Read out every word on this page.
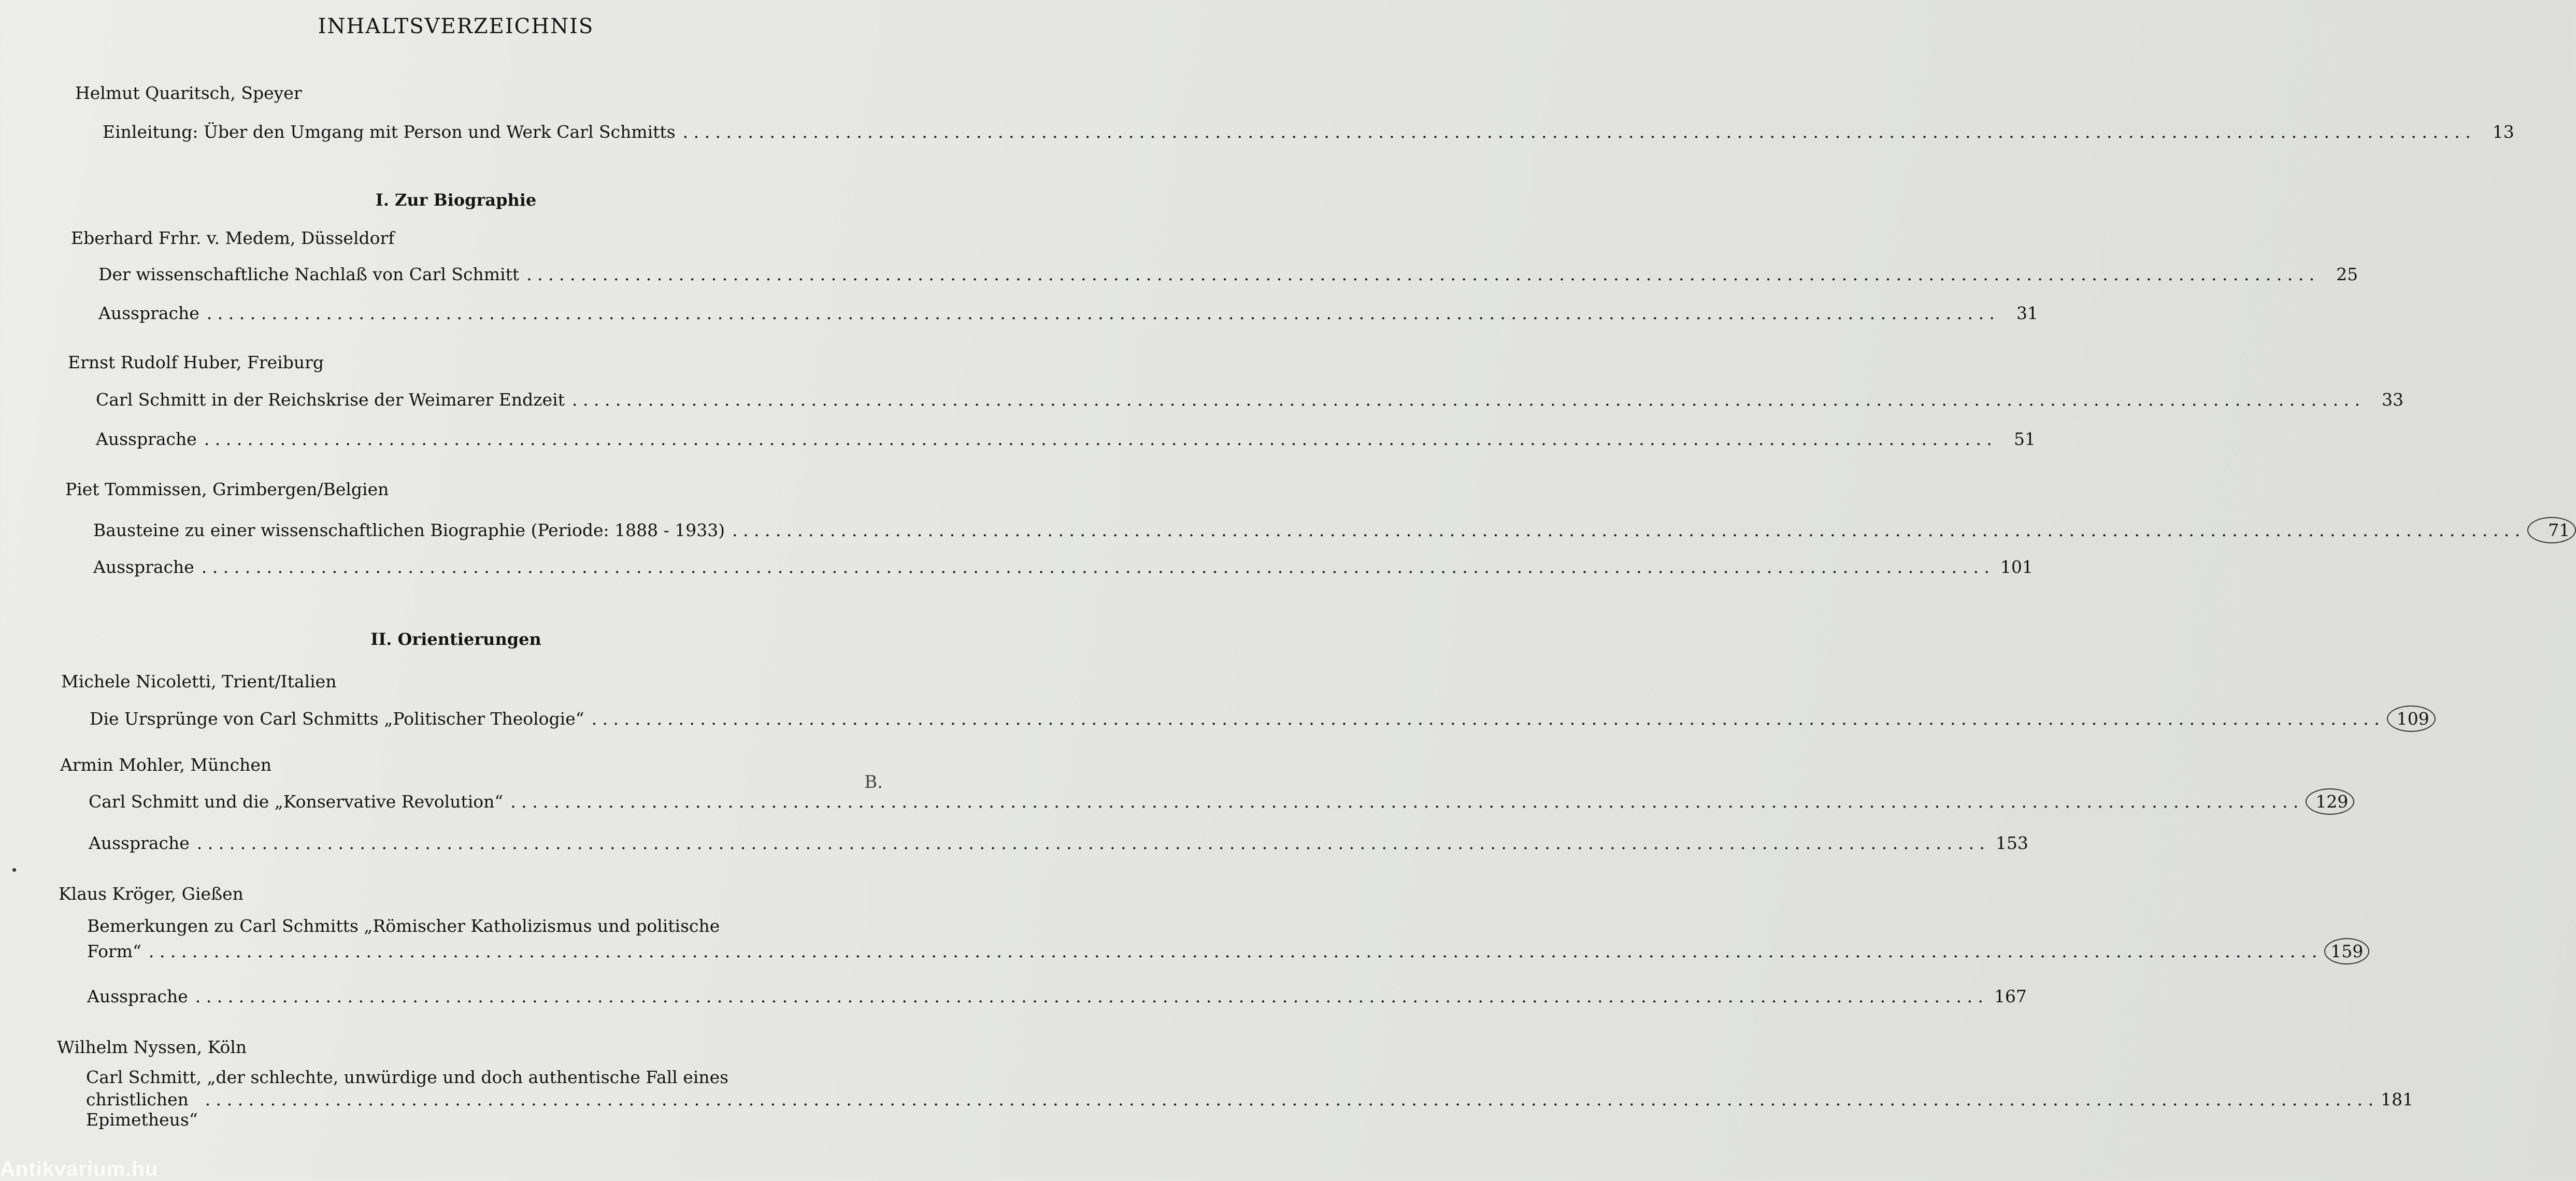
INHALTSVERZEICHNIS
Helmut Quaritsch, Speyer
Einleitung: Über den Umgang mit Person und Werk Carl Schmitts . . .	13
I. Zur Biographie
Eberhard Frhr. v. Medem, Düsseldorf
Der wissenschaftliche Nachlaß von Carl Schmitt . . .	25
Aussprache . . .	31
Ernst Rudolf Huber, Freiburg
Carl Schmitt in der Reichskrise der Weimarer Endzeit . . .	33
Aussprache . . .	51
Piet Tommissen, Grimbergen/Belgien
Bausteine zu einer wissenschaftlichen Biographie (Periode: 1888 - 1933) . . .	71
Aussprache . . .	101
II. Orientierungen
Michele Nicoletti, Trient/Italien
Die Ursprünge von Carl Schmitts „Politischer Theologie“ . . .	109
Armin Mohler, München
Carl Schmitt und die „Konservative Revolution“ . . .	129
Aussprache . . .	153
Klaus Kröger, Gießen
Bemerkungen zu Carl Schmitts „Römischer Katholizismus und politische
Form“ . . . . . . . . . . . . . . . . . . . . . . . . . . . . . . . . . . . . . . . . . . . . . . . . . . . . . . . . . . . . . . . . . . . . . . . . . . . . . . . . . . . . . . . . . . . . . . . . . . . . . . . . . . . . . . . . . . . . . . . . . . . . . . . . . . . . . . . . . . . . . . . . . . . . . . . . . . . . . . . . . . . . . . . . . . . . . . . . . . . . . . . . . . . . . . . . . . . . . . . . 159
Aussprache . . .	167
Wilhelm Nyssen, Köln
Carl Schmitt, „der schlechte, unwürdige und doch authentische Fall eines
christlichen Epimetheus“
. . . . . . . . . . . . . . . . . . . . . . . . . . . . . . . . . . . . . . . . . . . . . . . . . . . . . . . . . . . . . . . . . . . . . . . . . . . . . . . . . . . . . . . . . . . . . . . . . . . . . . . . . . . . . . . . . . . . . . . . . . . . . . . . . . . . . . . . . . . . . . . . . . . . . . . . . . . . . . . . . . . . . . . . . . . . . . . . . . . . . . . . . . . . . . . . . . . . . . . . 181
B.
Antikvarium.hu
